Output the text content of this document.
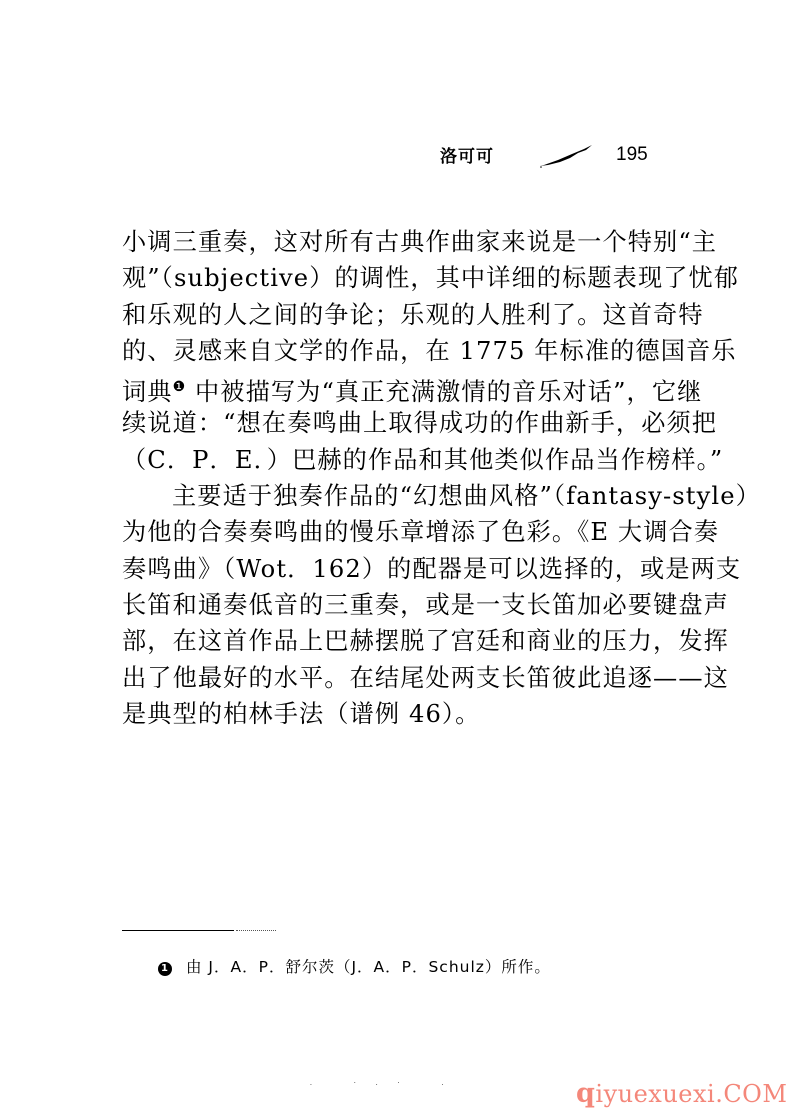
洛可可	195
小调三重奏，这对所有古典作曲家来说是一个特别“主
观”（subjective）的调性，其中详细的标题表现了忧郁
和乐观的人之间的争论；乐观的人胜利了。这首奇特
的、灵感来自文学的作品，在 1775 年标准的德国音乐
词典$^❶$ 中被描写为“真正充满激情的音乐对话”，它继
续说道：“想在奏鸣曲上取得成功的作曲新手，必须把
（C．P．E．）巴赫的作品和其他类似作品当作榜样。”
主要适于独奏作品的“幻想曲风格”（fantasy-style）
为他的合奏奏鸣曲的慢乐章增添了色彩。《E 大调合奏
奏鸣曲》（Wot．162）的配器是可以选择的，或是两支
长笛和通奏低音的三重奏，或是一支长笛加必要键盘声
部，在这首作品上巴赫摆脱了宫廷和商业的压力，发挥
出了他最好的水平。在结尾处两支长笛彼此追逐——这
是典型的柏林手法（谱例 46）。
1 由 J．A．P．舒尔茨（J．A．P．Schulz）所作。
. ·.· .	qiyuexuexi.COM
